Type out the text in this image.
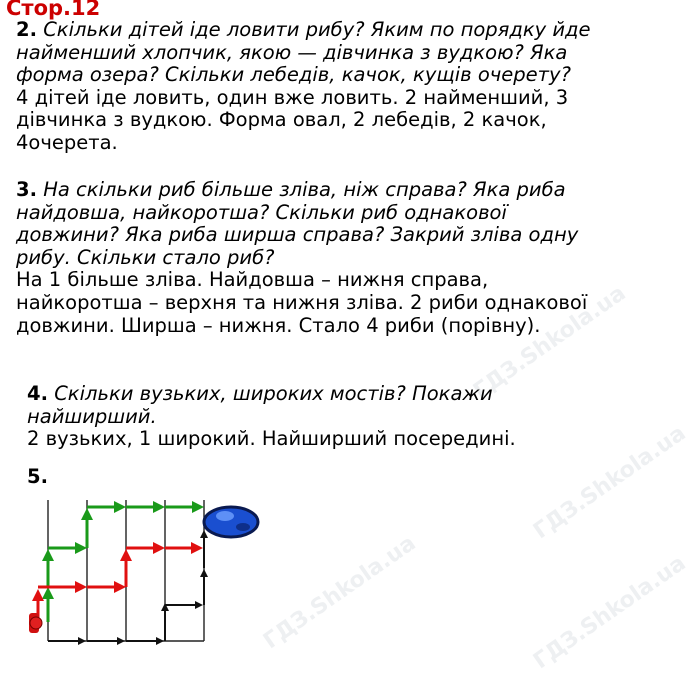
ГДЗ.Shkola.ua
ГДЗ.Shkola.ua
ГДЗ.Shkola.ua	ГДЗ.Shkola.ua
Стор.12

2. Скільки дітей іде ловити рибу? Яким по порядку йде

найменший хлопчик, якою — дівчинка з вудкою? Яка

форма озера? Скільки лебедів, качок, кущів очерету?

4 дітей іде ловить, один вже ловить. 2 найменший, 3

дівчинка з вудкою. Форма овал, 2 лебедів, 2 качок,

4очерета.

3. На скільки риб більше зліва, ніж справа? Яка риба

найдовша, найкоротша? Скільки риб однакової

довжини? Яка риба ширша справа? Закрий зліва одну

рибу. Скільки стало риб?

На 1 більше зліва. Найдовша – нижня справа,

найкоротша – верхня та нижня зліва. 2 риби однакової

довжини. Ширша – нижня. Стало 4 риби (порівну).

4. Скільки вузьких, широких мостів? Покажи

найширший.

2 вузьких, 1 широкий. Найширший посередині.

5.
